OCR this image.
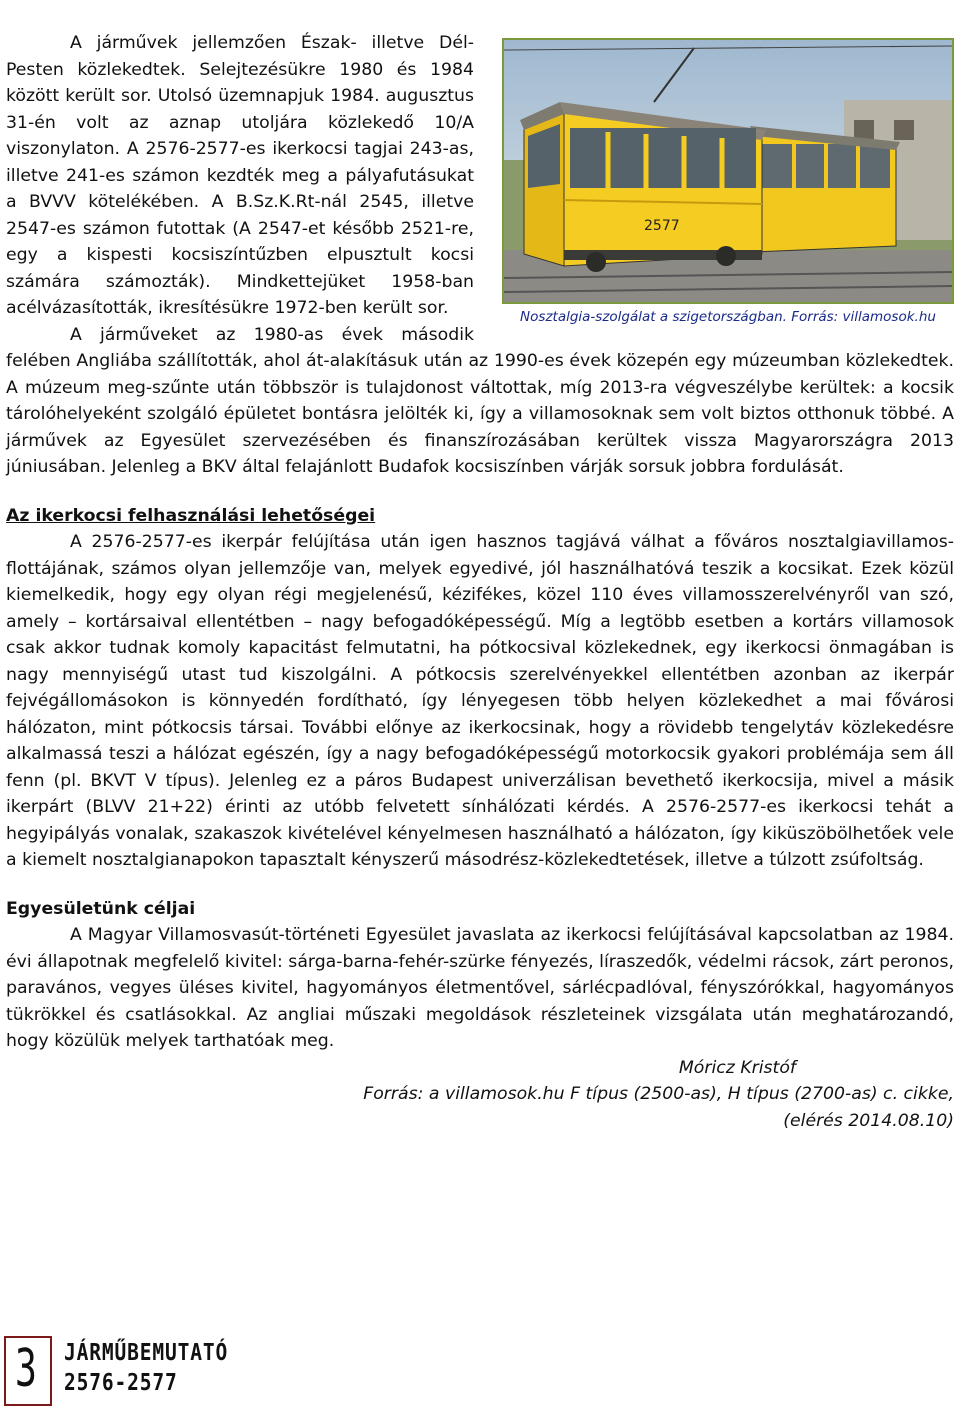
2577
Nosztalgia-szolgálat a szigetországban. Forrás: villamosok.hu

A járművek jellemzően Észak- illetve Dél-Pesten közlekedtek. Selejtezésükre 1980 és 1984 között került sor. Utolsó üzemnapjuk 1984. augusztus 31-én volt az aznap utoljára közlekedő 10/A viszonylaton. A 2576-2577-es ikerkocsi tagjai 243-as, illetve 241-es számon kezdték meg a pályafutásukat a BVVV kötelékében. A B.Sz.K.Rt-nál 2545, illetve 2547-es számon futottak (A 2547-et később 2521-re, egy a kispesti kocsiszíntűzben elpusztult kocsi számára számozták). Mindkettejüket 1958-ban acélvázasították, ikresítésükre 1972-ben került sor.

A járműveket az 1980-as évek második felében Angliába szállították, ahol át-alakításuk után az 1990-es évek közepén egy múzeumban közlekedtek. A múzeum meg-szűnte után többször is tulajdonost váltottak, míg 2013-ra végveszélybe kerültek: a kocsik tárolóhelyeként szolgáló épületet bontásra jelölték ki, így a villamosoknak sem volt biztos otthonuk többé. A járművek az Egyesület szervezésében és finanszírozásában kerültek vissza Magyarországra 2013 júniusában. Jelenleg a BKV által felajánlott Budafok kocsiszínben várják sorsuk jobbra fordulását.

Az ikerkocsi felhasználási lehetőségei

A 2576-2577-es ikerpár felújítása után igen hasznos tagjává válhat a főváros nosztalgiavillamos-flottájának, számos olyan jellemzője van, melyek egyedivé, jól használhatóvá teszik a kocsikat. Ezek közül kiemelkedik, hogy egy olyan régi megjelenésű, kézifékes, közel 110 éves villamosszerelvényről van szó, amely – kortársaival ellentétben – nagy befogadóképességű. Míg a legtöbb esetben a kortárs villamosok csak akkor tudnak komoly kapacitást felmutatni, ha pótkocsival közlekednek, egy ikerkocsi önmagában is nagy mennyiségű utast tud kiszolgálni. A pótkocsis szerelvényekkel ellentétben azonban az ikerpár fejvégállomásokon is könnyedén fordítható, így lényegesen több helyen közlekedhet a mai fővárosi hálózaton, mint pótkocsis társai. További előnye az ikerkocsinak, hogy a rövidebb tengelytáv közlekedésre alkalmassá teszi a hálózat egészén, így a nagy befogadóképességű motorkocsik gyakori problémája sem áll fenn (pl. BKVT V típus). Jelenleg ez a páros Budapest univerzálisan bevethető ikerkocsija, mivel a másik ikerpárt (BLVV 21+22) érinti az utóbb felvetett sínhálózati kérdés. A 2576-2577-es ikerkocsi tehát a hegyipályás vonalak, szakaszok kivételével kényelmesen használható a hálózaton, így kiküszöbölhetőek vele a kiemelt nosztalgianapokon tapasztalt kényszerű másodrész-közlekedtetések, illetve a túlzott zsúfoltság.

Egyesületünk céljai

A Magyar Villamosvasút-történeti Egyesület javaslata az ikerkocsi felújításával kapcsolatban az 1984. évi állapotnak megfelelő kivitel: sárga-barna-fehér-szürke fényezés, líraszedők, védelmi rácsok, zárt peronos, paravános, vegyes üléses kivitel, hagyományos életmentővel, sárlécpadlóval, fényszórókkal, hagyományos tükrökkel és csatlásokkal. Az angliai műszaki megoldások részleteinek vizsgálata után meghatározandó, hogy közülük melyek tarthatóak meg.

Móricz Kristóf
Forrás: a villamosok.hu F típus (2500-as), H típus (2700-as) c. cikke,
(elérés 2014.08.10)
3 JÁRMŰBEMUTATÓ
2576-2577
